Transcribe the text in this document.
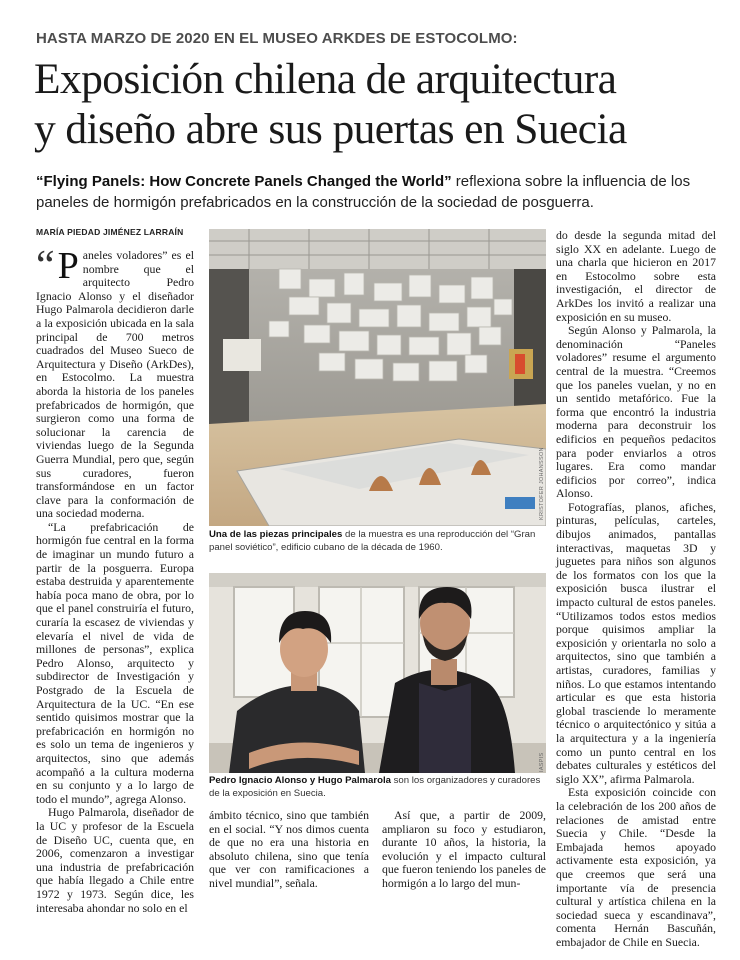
HASTA MARZO DE 2020 EN EL MUSEO ARKDES DE ESTOCOLMO:
Exposición chilena de arquitectura
y diseño abre sus puertas en Suecia
“Flying Panels: How Concrete Panels Changed the World” reflexiona sobre la influencia de los paneles de hormigón prefabricados en la construcción de la sociedad de posguerra.
MARÍA PIEDAD JIMÉNEZ LARRAÍN

“ P aneles voladores” es el nombre que el arquitecto Pedro Ignacio Alonso y el diseñador Hugo Palmarola decidieron darle a la exposición ubicada en la sala principal de 700 metros cuadrados del Museo Sueco de Arquitectura y Diseño (ArkDes), en Estocolmo. La muestra aborda la historia de los paneles prefabricados de hormigón, que surgieron como una forma de solucionar la carencia de viviendas luego de la Segunda Guerra Mundial, pero que, según sus curadores, fueron transformándose en un factor clave para la conformación de una sociedad moderna.

“La prefabricación de hormigón fue central en la forma de imaginar un mundo futuro a partir de la posguerra. Europa estaba destruida y aparentemente había poca mano de obra, por lo que el panel construiría el futuro, curaría la escasez de viviendas y elevaría el nivel de vida de millones de personas”, explica Pedro Alonso, arquitecto y subdirector de Investigación y Postgrado de la Escuela de Arquitectura de la UC. “En ese sentido quisimos mostrar que la prefabricación en hormigón no es solo un tema de ingenieros y arquitectos, sino que además acompañó a la cultura moderna en su conjunto y a lo largo de todo el mundo”, agrega Alonso.

Hugo Palmarola, diseñador de la UC y profesor de la Escuela de Diseño UC, cuenta que, en 2006, comenzaron a investigar una industria de prefabricación que había llegado a Chile entre 1972 y 1973. Según dice, les interesaba ahondar no solo en el

KRISTOFER JOHANSSON
Una de las piezas principales de la muestra es una reproducción del “Gran panel soviético”, edificio cubano de la década de 1960.
IASPIS
Pedro Ignacio Alonso y Hugo Palmarola son los organizadores y curadores de la exposición en Suecia.

ámbito técnico, sino que también en el social. “Y nos dimos cuenta de que no era una historia en absoluto chilena, sino que tenía que ver con ramificaciones a nivel mundial”, señala.

Así que, a partir de 2009, ampliaron su foco y estudiaron, durante 10 años, la historia, la evolución y el impacto cultural que fueron teniendo los paneles de hormigón a lo largo del mun-

do desde la segunda mitad del siglo XX en adelante. Luego de una charla que hicieron en 2017 en Estocolmo sobre esta investigación, el director de ArkDes los invitó a realizar una exposición en su museo.

Según Alonso y Palmarola, la denominación “Paneles voladores” resume el argumento central de la muestra. “Creemos que los paneles vuelan, y no en un sentido metafórico. Fue la forma que encontró la industria moderna para deconstruir los edificios en pequeños pedacitos para poder enviarlos a otros lugares. Era como mandar edificios por correo”, indica Alonso.

Fotografías, planos, afiches, pinturas, películas, carteles, dibujos animados, pantallas interactivas, maquetas 3D y juguetes para niños son algunos de los formatos con los que la exposición busca ilustrar el impacto cultural de estos paneles. “Utilizamos todos estos medios porque quisimos ampliar la exposición y orientarla no solo a arquitectos, sino que también a artistas, curadores, familias y niños. Lo que estamos intentando articular es que esta historia global trasciende lo meramente técnico o arquitectónico y sitúa a la arquitectura y a la ingeniería como un punto central en los debates culturales y estéticos del siglo XX”, afirma Palmarola.

Esta exposición coincide con la celebración de los 200 años de relaciones de amistad entre Suecia y Chile. “Desde la Embajada hemos apoyado activamente esta exposición, ya que creemos que será una importante vía de presencia cultural y artística chilena en la sociedad sueca y escandinava”, comenta Hernán Bascuñán, embajador de Chile en Suecia.
